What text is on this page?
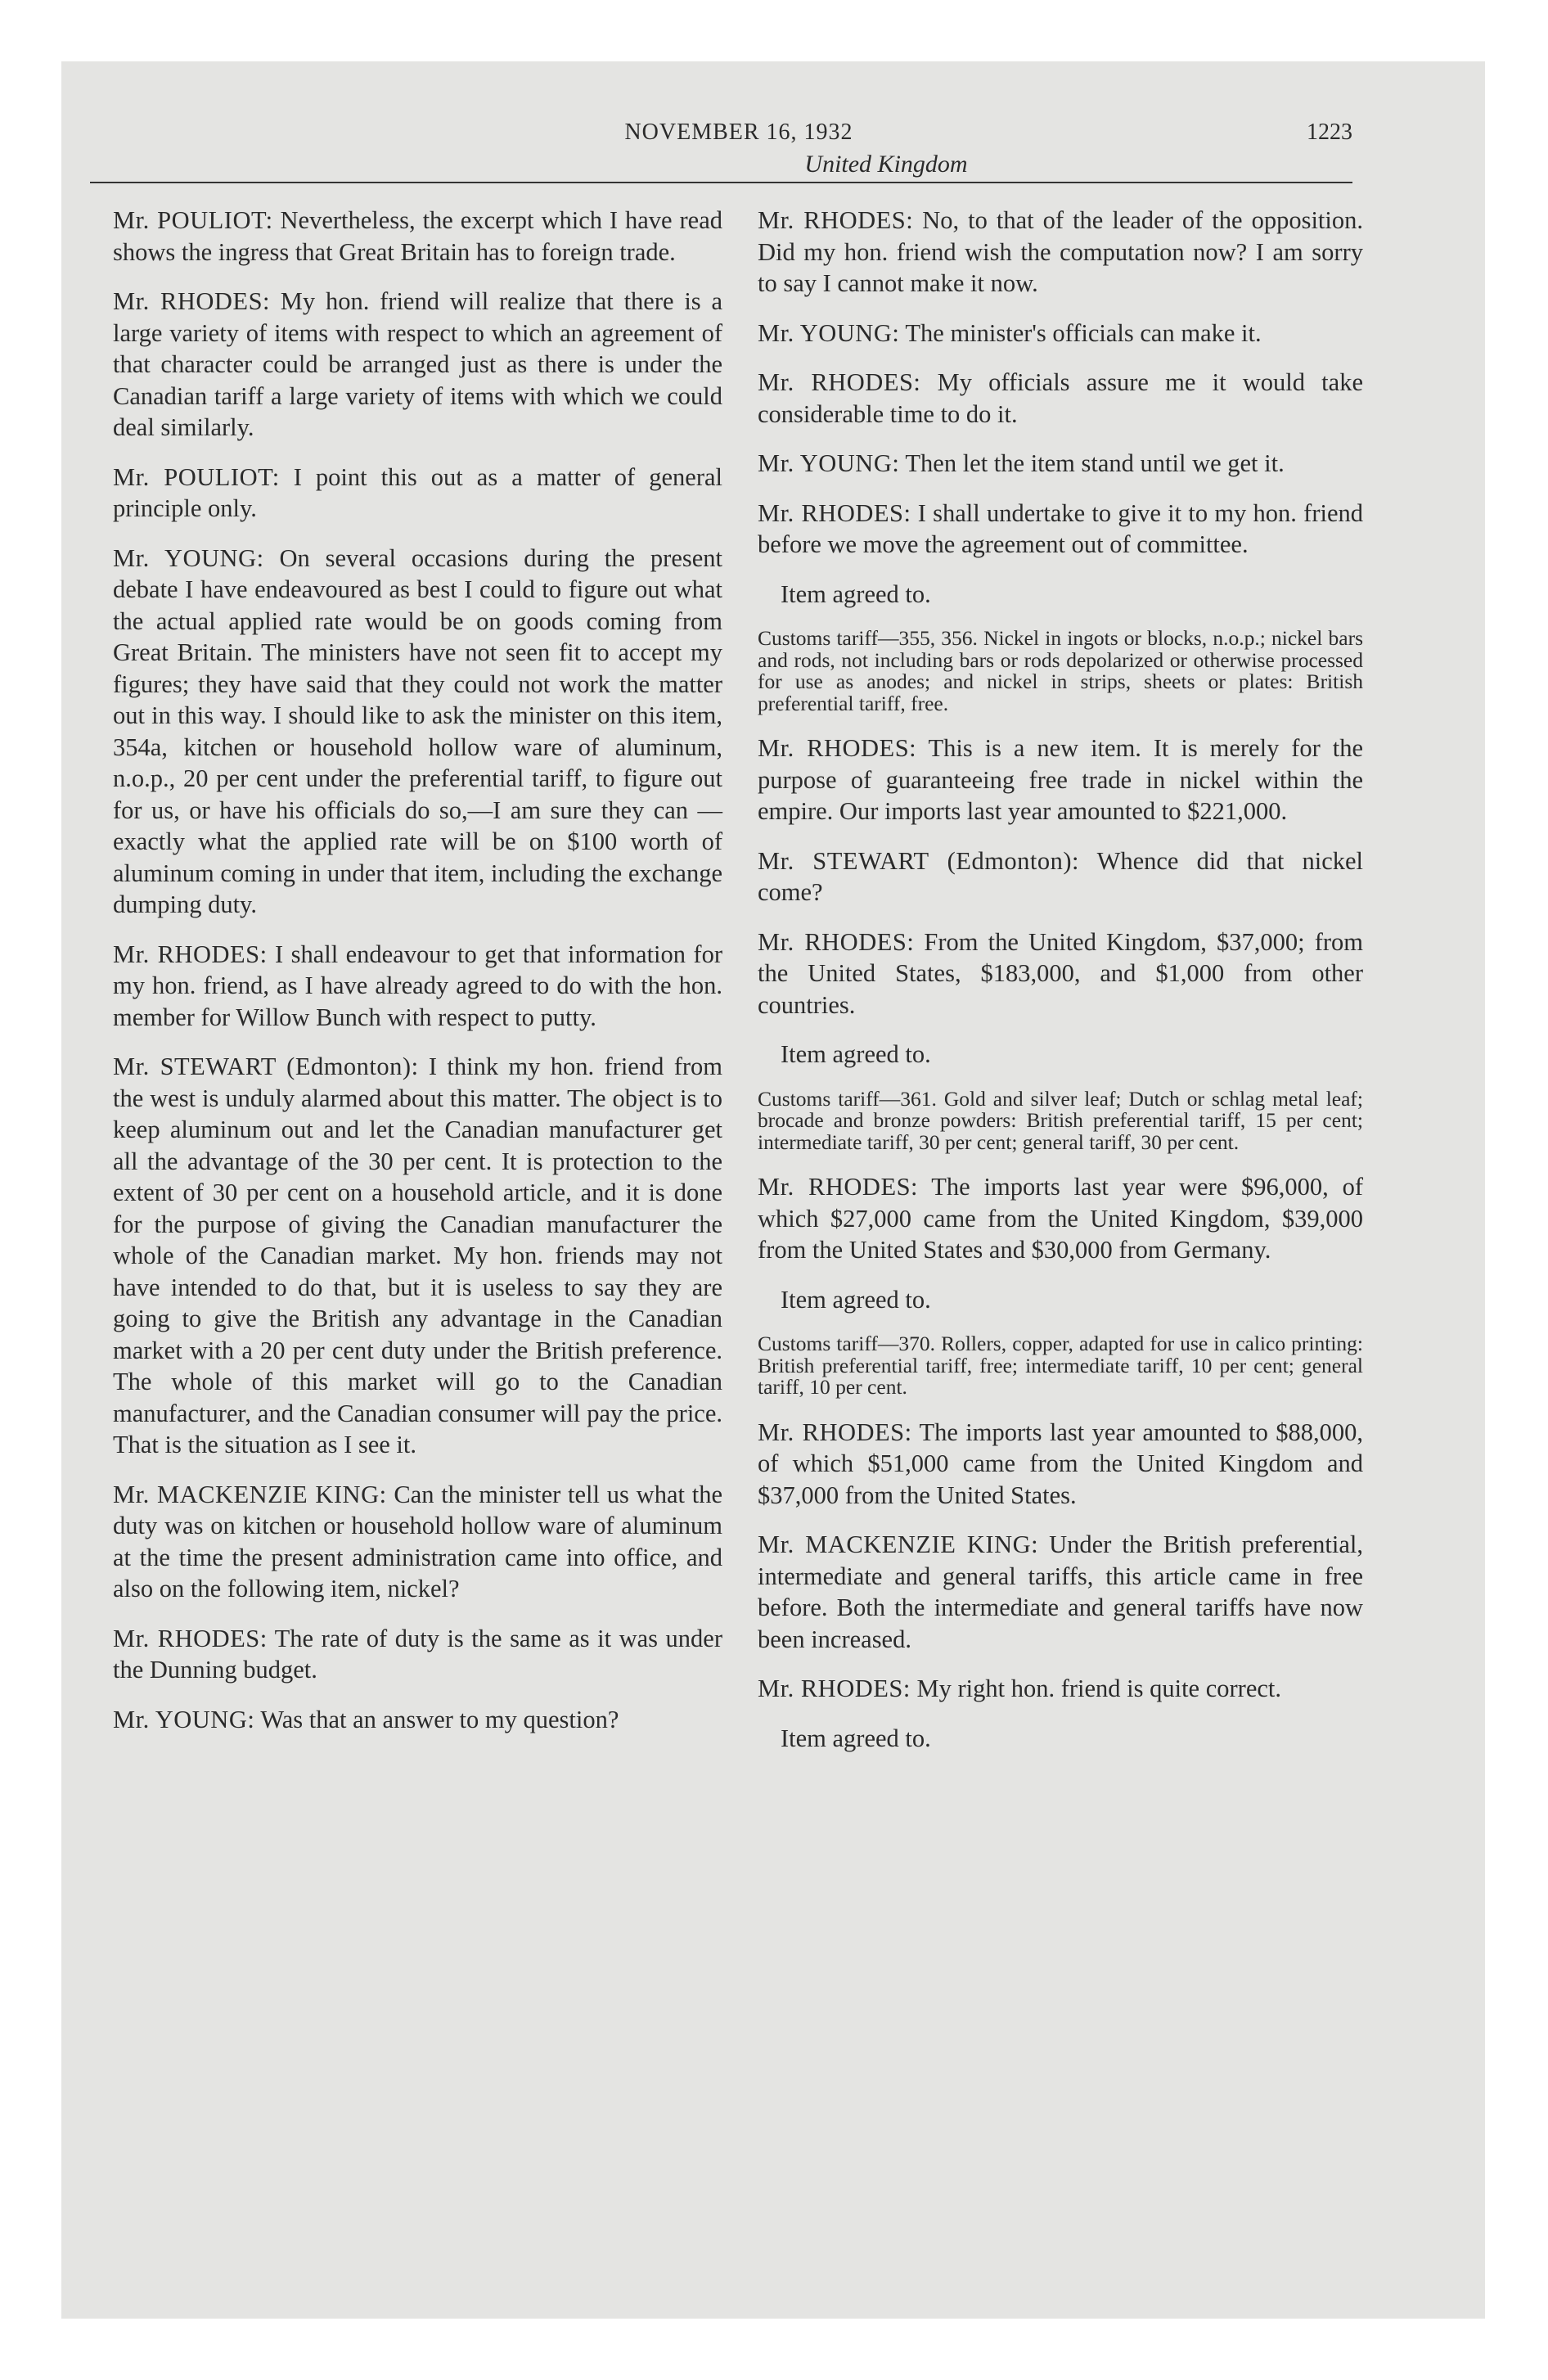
NOVEMBER 16, 1932	1223
United Kingdom

Mr. POULIOT: Nevertheless, the excerpt which I have read shows the ingress that Great Britain has to foreign trade.

Mr. RHODES: My hon. friend will realize that there is a large variety of items with respect to which an agreement of that character could be arranged just as there is under the Canadian tariff a large variety of items with which we could deal similarly.

Mr. POULIOT: I point this out as a matter of general principle only.

Mr. YOUNG: On several occasions during the present debate I have endeavoured as best I could to figure out what the actual applied rate would be on goods coming from Great Britain. The ministers have not seen fit to accept my figures; they have said that they could not work the matter out in this way. I should like to ask the minister on this item, 354a, kitchen or household hollow ware of aluminum, n.o.p., 20 per cent under the preferential tariff, to figure out for us, or have his officials do so,—I am sure they can —exactly what the applied rate will be on $100 worth of aluminum coming in under that item, including the exchange dumping duty.

Mr. RHODES: I shall endeavour to get that information for my hon. friend, as I have already agreed to do with the hon. member for Willow Bunch with respect to putty.

Mr. STEWART (Edmonton): I think my hon. friend from the west is unduly alarmed about this matter. The object is to keep aluminum out and let the Canadian manufacturer get all the advantage of the 30 per cent. It is protection to the extent of 30 per cent on a household article, and it is done for the purpose of giving the Canadian manufacturer the whole of the Canadian market. My hon. friends may not have intended to do that, but it is useless to say they are going to give the British any advantage in the Canadian market with a 20 per cent duty under the British preference. The whole of this market will go to the Canadian manufacturer, and the Canadian consumer will pay the price. That is the situation as I see it.

Mr. MACKENZIE KING: Can the minister tell us what the duty was on kitchen or household hollow ware of aluminum at the time the present administration came into office, and also on the following item, nickel?

Mr. RHODES: The rate of duty is the same as it was under the Dunning budget.

Mr. YOUNG: Was that an answer to my question?

Mr. RHODES: No, to that of the leader of the opposition. Did my hon. friend wish the computation now? I am sorry to say I cannot make it now.

Mr. YOUNG: The minister's officials can make it.

Mr. RHODES: My officials assure me it would take considerable time to do it.

Mr. YOUNG: Then let the item stand until we get it.

Mr. RHODES: I shall undertake to give it to my hon. friend before we move the agreement out of committee.

Item agreed to.

Customs tariff—355, 356. Nickel in ingots or blocks, n.o.p.; nickel bars and rods, not including bars or rods depolarized or otherwise processed for use as anodes; and nickel in strips, sheets or plates: British preferential tariff, free.

Mr. RHODES: This is a new item. It is merely for the purpose of guaranteeing free trade in nickel within the empire. Our imports last year amounted to $221,000.

Mr. STEWART (Edmonton): Whence did that nickel come?

Mr. RHODES: From the United Kingdom, $37,000; from the United States, $183,000, and $1,000 from other countries.

Item agreed to.

Customs tariff—361. Gold and silver leaf; Dutch or schlag metal leaf; brocade and bronze powders: British preferential tariff, 15 per cent; intermediate tariff, 30 per cent; general tariff, 30 per cent.

Mr. RHODES: The imports last year were $96,000, of which $27,000 came from the United Kingdom, $39,000 from the United States and $30,000 from Germany.

Item agreed to.

Customs tariff—370. Rollers, copper, adapted for use in calico printing: British preferential tariff, free; intermediate tariff, 10 per cent; general tariff, 10 per cent.

Mr. RHODES: The imports last year amounted to $88,000, of which $51,000 came from the United Kingdom and $37,000 from the United States.

Mr. MACKENZIE KING: Under the British preferential, intermediate and general tariffs, this article came in free before. Both the intermediate and general tariffs have now been increased.

Mr. RHODES: My right hon. friend is quite correct.

Item agreed to.
